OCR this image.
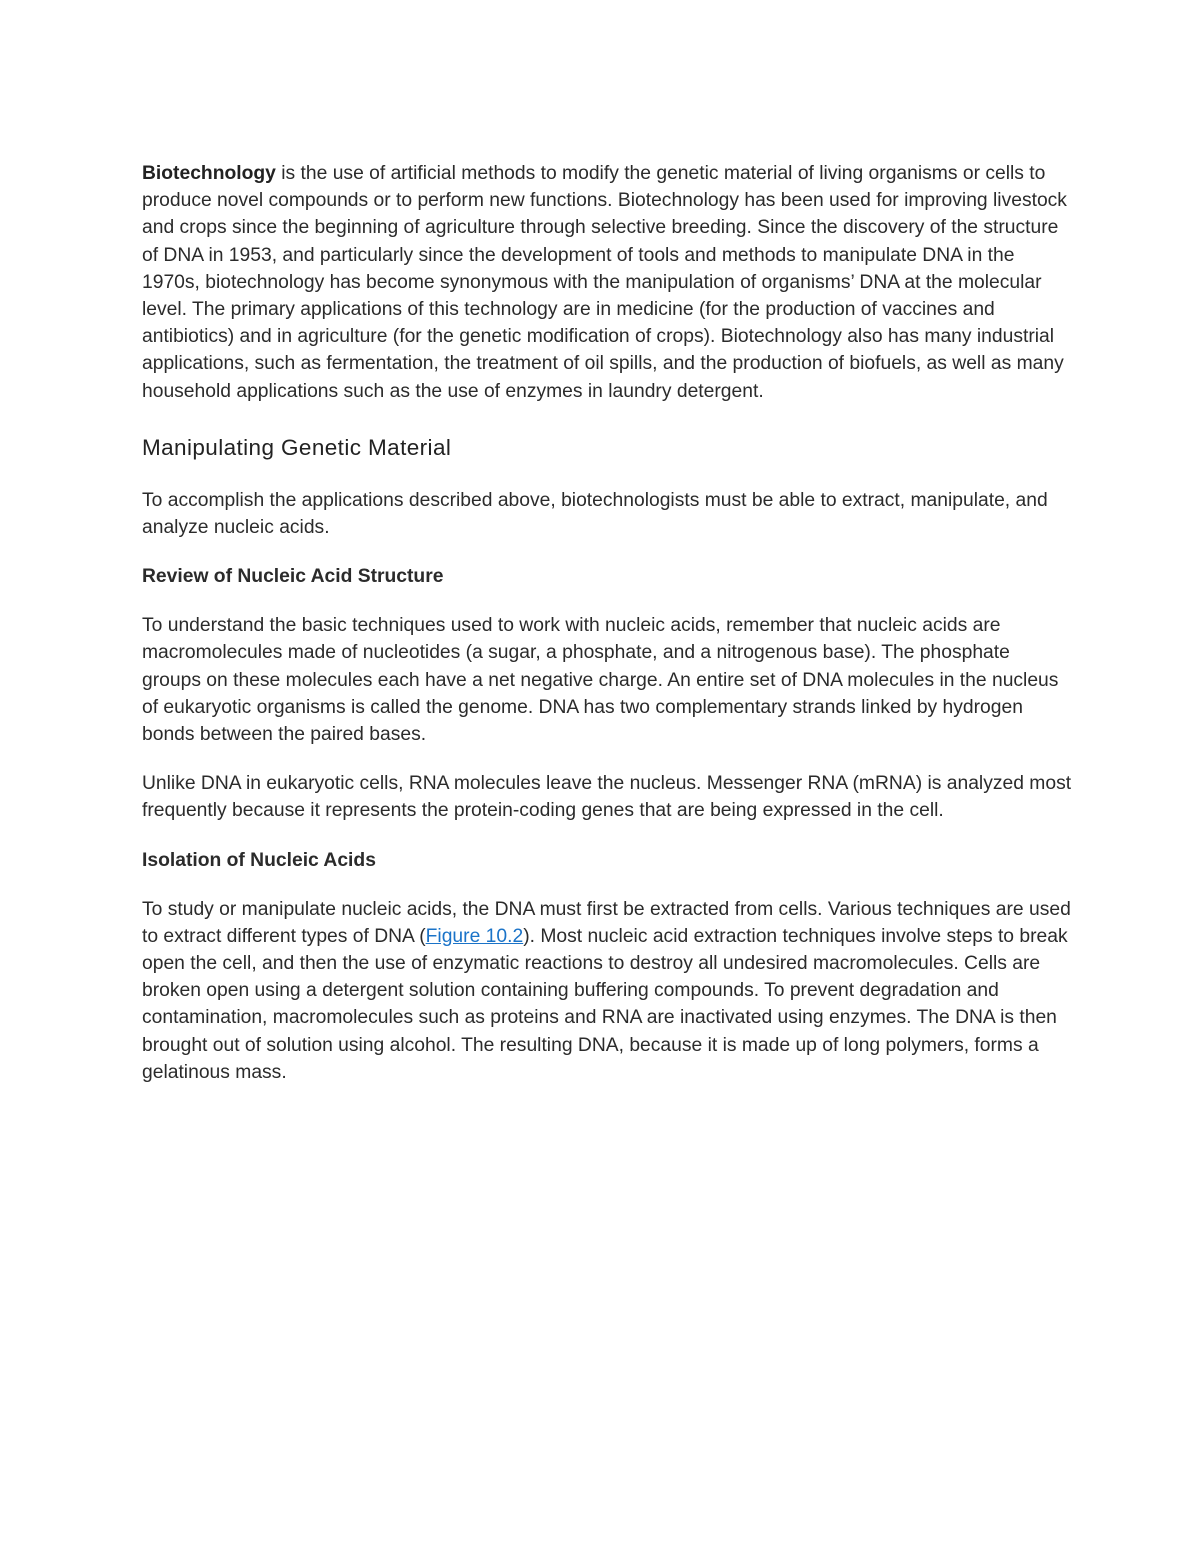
Biotechnology is the use of artificial methods to modify the genetic material of living organisms or cells to produce novel compounds or to perform new functions. Biotechnology has been used for improving livestock and crops since the beginning of agriculture through selective breeding. Since the discovery of the structure of DNA in 1953, and particularly since the development of tools and methods to manipulate DNA in the 1970s, biotechnology has become synonymous with the manipulation of organisms’ DNA at the molecular level. The primary applications of this technology are in medicine (for the production of vaccines and antibiotics) and in agriculture (for the genetic modification of crops). Biotechnology also has many industrial applications, such as fermentation, the treatment of oil spills, and the production of biofuels, as well as many household applications such as the use of enzymes in laundry detergent.

Manipulating Genetic Material

To accomplish the applications described above, biotechnologists must be able to extract, manipulate, and analyze nucleic acids.

Review of Nucleic Acid Structure

To understand the basic techniques used to work with nucleic acids, remember that nucleic acids are macromolecules made of nucleotides (a sugar, a phosphate, and a nitrogenous base). The phosphate groups on these molecules each have a net negative charge. An entire set of DNA molecules in the nucleus of eukaryotic organisms is called the genome. DNA has two complementary strands linked by hydrogen bonds between the paired bases.

Unlike DNA in eukaryotic cells, RNA molecules leave the nucleus. Messenger RNA (mRNA) is analyzed most frequently because it represents the protein-coding genes that are being expressed in the cell.

Isolation of Nucleic Acids

To study or manipulate nucleic acids, the DNA must first be extracted from cells. Various techniques are used to extract different types of DNA (Figure 10.2). Most nucleic acid extraction techniques involve steps to break open the cell, and then the use of enzymatic reactions to destroy all undesired macromolecules. Cells are broken open using a detergent solution containing buffering compounds. To prevent degradation and contamination, macromolecules such as proteins and RNA are inactivated using enzymes. The DNA is then brought out of solution using alcohol. The resulting DNA, because it is made up of long polymers, forms a gelatinous mass.
